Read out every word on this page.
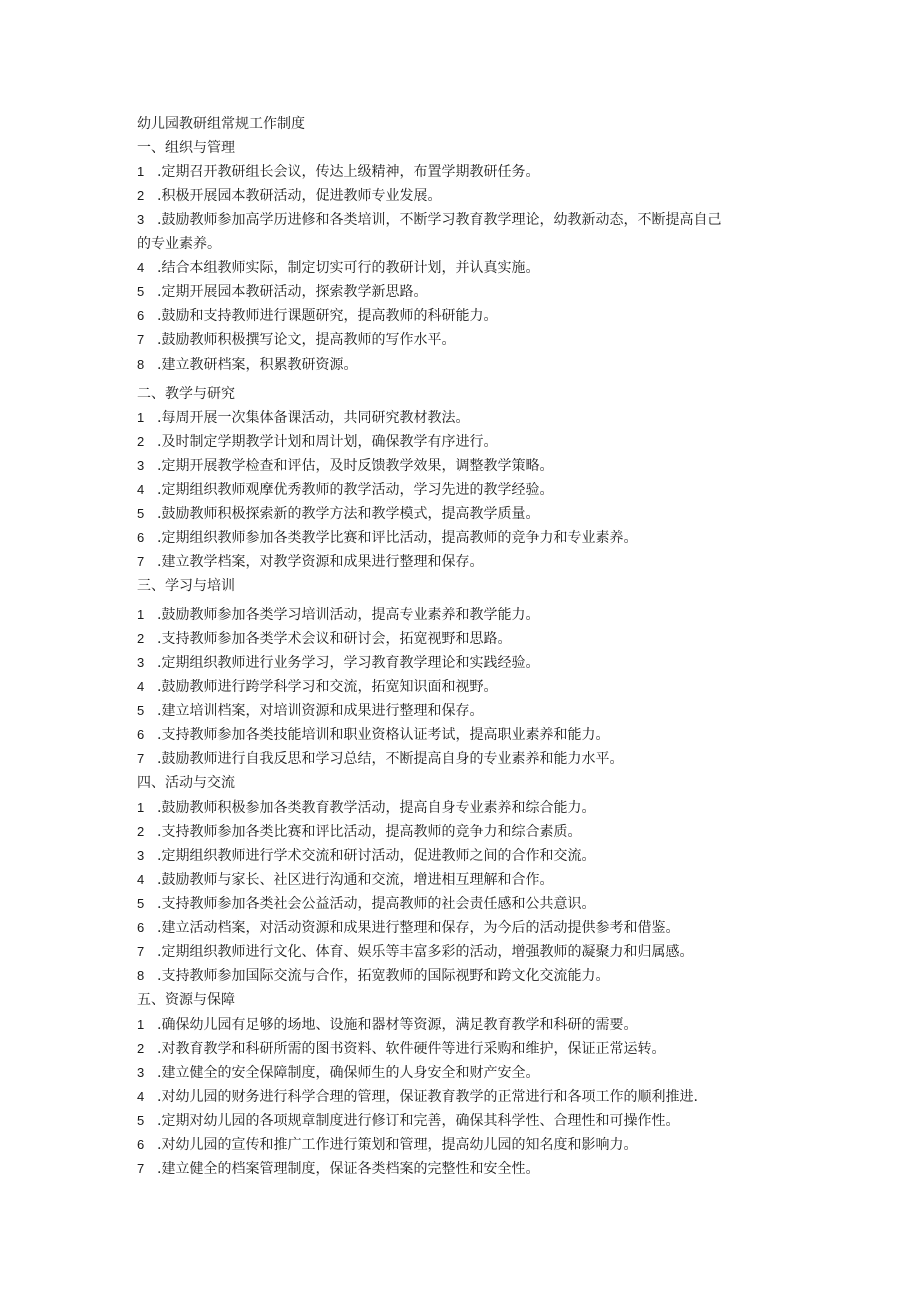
幼儿园教研组常规工作制度
一、组织与管理
1 .定期召开教研组长会议，传达上级精神，布置学期教研任务。
2 .积极开展园本教研活动，促进教师专业发展。
3 .鼓励教师参加高学历进修和各类培训，不断学习教育教学理论，幼教新动态，不断提高自己
的专业素养。
4 .结合本组教师实际，制定切实可行的教研计划，并认真实施。
5 .定期开展园本教研活动，探索教学新思路。
6 .鼓励和支持教师进行课题研究，提高教师的科研能力。
7 .鼓励教师积极撰写论文，提高教师的写作水平。
8 .建立教研档案，积累教研资源。
二、教学与研究
1 .每周开展一次集体备课活动，共同研究教材教法。
2 .及时制定学期教学计划和周计划，确保教学有序进行。
3 .定期开展教学检查和评估，及时反馈教学效果，调整教学策略。
4 .定期组织教师观摩优秀教师的教学活动，学习先进的教学经验。
5 .鼓励教师积极探索新的教学方法和教学模式，提高教学质量。
6 .定期组织教师参加各类教学比赛和评比活动，提高教师的竞争力和专业素养。
7 .建立教学档案，对教学资源和成果进行整理和保存。
三、学习与培训
1 .鼓励教师参加各类学习培训活动，提高专业素养和教学能力。
2 .支持教师参加各类学术会议和研讨会，拓宽视野和思路。
3 .定期组织教师进行业务学习，学习教育教学理论和实践经验。
4 .鼓励教师进行跨学科学习和交流，拓宽知识面和视野。
5 .建立培训档案，对培训资源和成果进行整理和保存。
6 .支持教师参加各类技能培训和职业资格认证考试，提高职业素养和能力。
7 .鼓励教师进行自我反思和学习总结，不断提高自身的专业素养和能力水平。
四、活动与交流
1 .鼓励教师积极参加各类教育教学活动，提高自身专业素养和综合能力。
2 .支持教师参加各类比赛和评比活动，提高教师的竞争力和综合素质。
3 .定期组织教师进行学术交流和研讨活动，促进教师之间的合作和交流。
4 .鼓励教师与家长、社区进行沟通和交流，增进相互理解和合作。
5 .支持教师参加各类社会公益活动，提高教师的社会责任感和公共意识。
6 .建立活动档案，对活动资源和成果进行整理和保存，为今后的活动提供参考和借鉴。
7 .定期组织教师进行文化、体育、娱乐等丰富多彩的活动，增强教师的凝聚力和归属感。
8 .支持教师参加国际交流与合作，拓宽教师的国际视野和跨文化交流能力。
五、资源与保障
1 .确保幼儿园有足够的场地、设施和器材等资源，满足教育教学和科研的需要。
2 .对教育教学和科研所需的图书资料、软件硬件等进行采购和维护，保证正常运转。
3 .建立健全的安全保障制度，确保师生的人身安全和财产安全。
4 .对幼儿园的财务进行科学合理的管理，保证教育教学的正常进行和各项工作的顺利推进.
5 .定期对幼儿园的各项规章制度进行修订和完善，确保其科学性、合理性和可操作性。
6 .对幼儿园的宣传和推广工作进行策划和管理，提高幼儿园的知名度和影响力。
7 .建立健全的档案管理制度，保证各类档案的完整性和安全性。
